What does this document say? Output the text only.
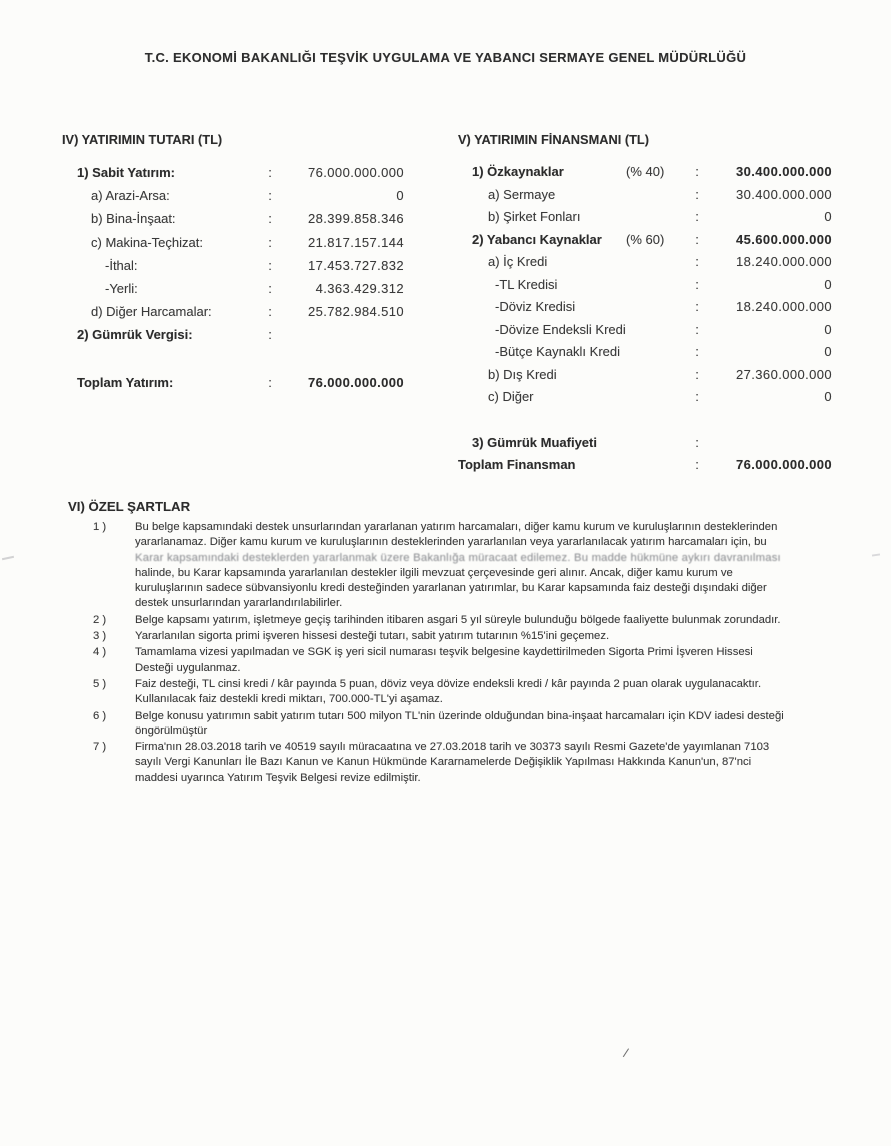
T.C. EKONOMİ BAKANLIĞI TEŞVİK UYGULAMA VE YABANCI SERMAYE GENEL MÜDÜRLÜĞÜ
IV) YATIRIMIN TUTARI (TL)
1) Sabit Yatırım:	:	76.000.000.000
a) Arazi-Arsa:	:	0
b) Bina-İnşaat:	:	28.399.858.346
c) Makina-Teçhizat:	:	21.817.157.144
-İthal:	:	17.453.727.832
-Yerli:	:	4.363.429.312
d) Diğer Harcamalar:	:	25.782.984.510
2) Gümrük Vergisi:	:
Toplam Yatırım:	:	76.000.000.000
V) YATIRIMIN FİNANSMANI (TL)
1) Özkaynaklar	(% 40)	:	30.400.000.000
a) Sermaye	:	30.400.000.000
b) Şirket Fonları	:	0
2) Yabancı Kaynaklar	(% 60)	:	45.600.000.000
a) İç Kredi	:	18.240.000.000
-TL Kredisi	:	0
-Döviz Kredisi	:	18.240.000.000
-Dövize Endeksli Kredi	:	0
-Bütçe Kaynaklı Kredi	:	0
b) Dış Kredi	:	27.360.000.000
c) Diğer	:	0
3) Gümrük Muafiyeti	:
Toplam Finansman	:	76.000.000.000
VI) ÖZEL ŞARTLAR
1 )	Bu belge kapsamındaki destek unsurlarından yararlanan yatırım harcamaları, diğer kamu kurum ve kuruluşlarının desteklerinden
yararlanamaz. Diğer kamu kurum ve kuruluşlarının desteklerinden yararlanılan veya yararlanılacak yatırım harcamaları için, bu
Karar kapsamındaki desteklerden yararlanmak üzere Bakanlığa müracaat edilemez. Bu madde hükmüne aykırı davranılması
halinde, bu Karar kapsamında yararlanılan destekler ilgili mevzuat çerçevesinde geri alınır. Ancak, diğer kamu kurum ve
kuruluşlarının sadece sübvansiyonlu kredi desteğinden yararlanan yatırımlar, bu Karar kapsamında faiz desteği dışındaki diğer
destek unsurlarından yararlandırılabilirler.
2 )	Belge kapsamı yatırım, işletmeye geçiş tarihinden itibaren asgari 5 yıl süreyle bulunduğu bölgede faaliyette bulunmak zorundadır.
3 )	Yararlanılan sigorta primi işveren hissesi desteği tutarı, sabit yatırım tutarının %15'ini geçemez.
4 )	Tamamlama vizesi yapılmadan ve SGK iş yeri sicil numarası teşvik belgesine kaydettirilmeden Sigorta Primi İşveren Hissesi
Desteği uygulanmaz.
5 )	Faiz desteği, TL cinsi kredi / kâr payında 5 puan, döviz veya dövize endeksli kredi / kâr payında 2 puan olarak uygulanacaktır.
Kullanılacak faiz destekli kredi miktarı, 700.000-TL'yi aşamaz.
6 )	Belge konusu yatırımın sabit yatırım tutarı 500 milyon TL'nin üzerinde olduğundan bina-inşaat harcamaları için KDV iadesi desteği
öngörülmüştür
7 )	Firma'nın 28.03.2018 tarih ve 40519 sayılı müracaatına ve 27.03.2018 tarih ve 30373 sayılı Resmi Gazete'de yayımlanan 7103
sayılı Vergi Kanunları İle Bazı Kanun ve Kanun Hükmünde Kararnamelerde Değişiklik Yapılması Hakkında Kanun'un, 87'nci
maddesi uyarınca Yatırım Teşvik Belgesi revize edilmiştir.
/
